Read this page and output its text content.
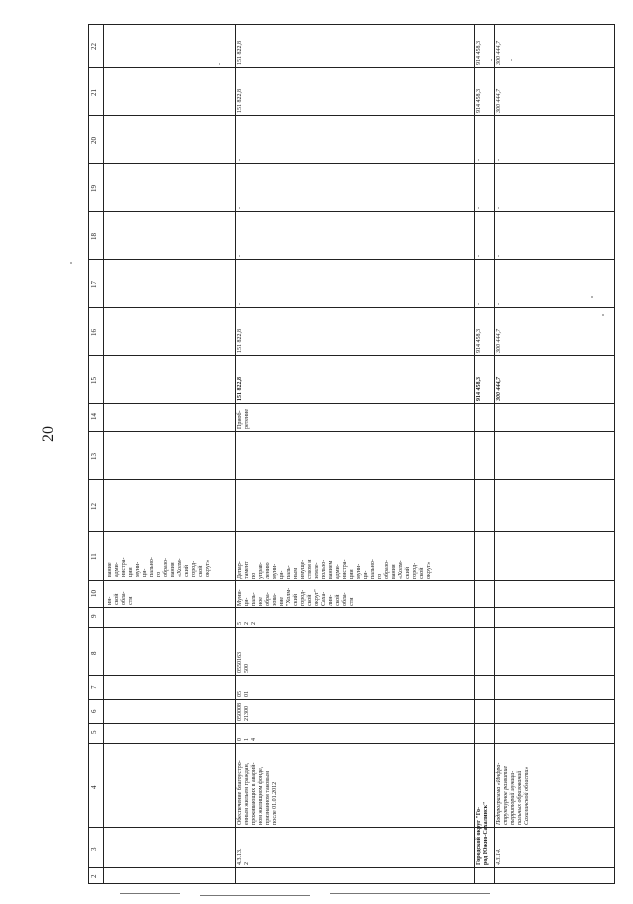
20
22
21
20
19
18
17
16
15
14
13
12
11
10
9
8
7
6
5
4
3
2
ин-
ской
обла-
сти
вание
адми-
нистра-
ции
муни-
ци-
пально-
го
образо-
вания
«Холм-
ский
город-
ской
округ»
4.3.13.
2
Обеспечение благоустро-
енным жильем граждан,
проживающих в аварий-
ном жилищном фонде,
признанном таковым
после 01.01.2012
0
1
4
050008
21300
05
01
0550163
500
5
2
2
Муни-
ци-
паль-
ное
обра-
зова-
ние
"Холм-
ский
город-
ской
округ"
Саха-
лин-
ской
обла-
сти
Депар-
тамент
по
управ-
лению
муни-
ци-
паль-
ным
имуще-
ством и
земле-
пользо-
ванием
адми-
нистра-
ции
муни-
ци-
пально-
го
образо-
вания
«Холм-
ский
город-
ской
округ»
Приоб-
ретение
151 822,8
151 822,8
-
-
-
-
151 822,8
151 822,8
-
Городской округ "Го-
род Южно-Сахалинск"
914 458,3
914 458,3
-
-
-
-
914 458,3
914 458,3	-
4.3.14.
Подпрограмма «Инфра-
структурное развитие
территорий муници-
пальных образований
Сахалинской области»
300 444,7
300 444,7
-
-
-
-
300 444,7
300 444,7	-
